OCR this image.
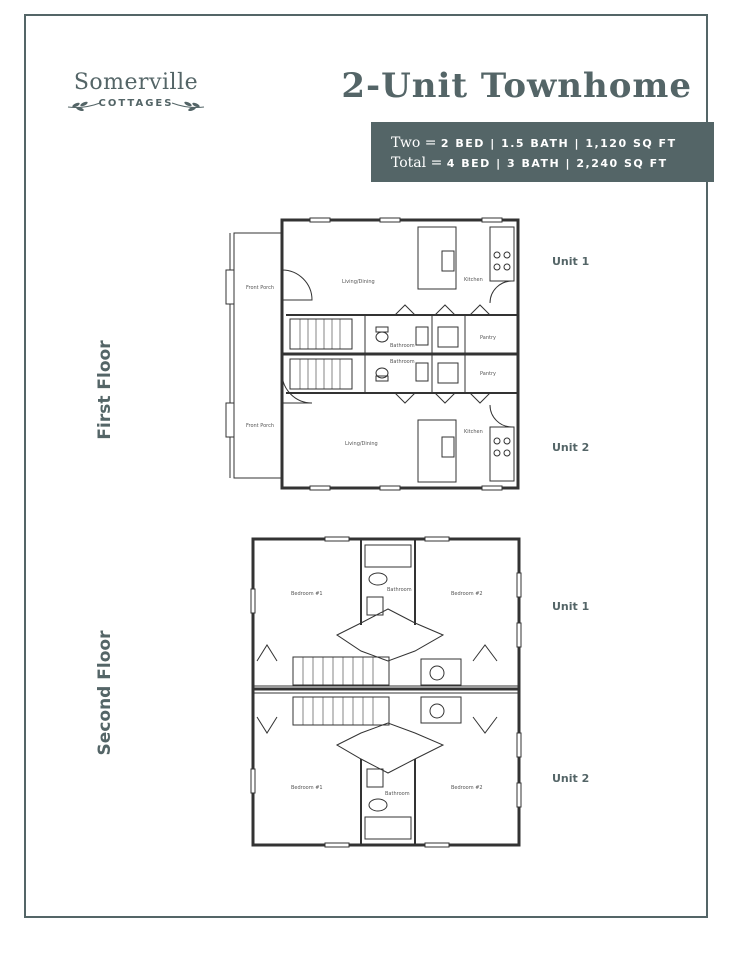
Somerville
COTTAGES	2-Unit Townhome
Two = 2 BED | 1.5 BATH | 1,120 SQ FT
Total = 4 BED | 3 BATH | 2,240 SQ FT
First Floor
Second Floor
Unit 1
Unit 2
Unit 1
Unit 2
Front Porch
Front Porch
Living/Dining
Living/Dining
Kitchen
Kitchen
Bathroom
Bathroom
Pantry
Pantry
Bedroom #1	Bedroom #2
Bathroom
Bedroom #1	Bedroom #2
Bathroom
